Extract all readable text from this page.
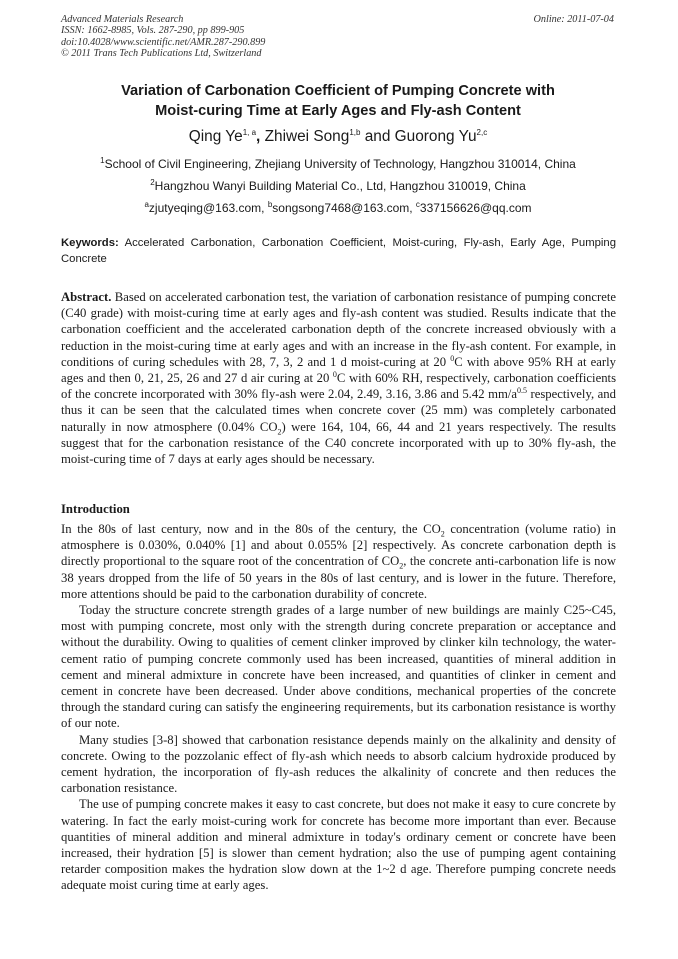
Advanced Materials Research
ISSN: 1662-8985, Vols. 287-290, pp 899-905
doi:10.4028/www.scientific.net/AMR.287-290.899
© 2011 Trans Tech Publications Ltd, Switzerland
Online: 2011-07-04
Variation of Carbonation Coefficient of Pumping Concrete with
Moist-curing Time at Early Ages and Fly-ash Content
Qing Ye$^{1, a}$, Zhiwei Song$^{1,b}$ and Guorong Yu$^{2,c}$
$^1$School of Civil Engineering, Zhejiang University of Technology, Hangzhou 310014, China
$^2$Hangzhou Wanyi Building Material Co., Ltd, Hangzhou 310019, China
$^a$zjutyeqing@163.com, $^b$songsong7468@163.com, $^c$337156626@qq.com
Keywords: Accelerated Carbonation, Carbonation Coefficient, Moist-curing, Fly-ash, Early Age, Pumping Concrete
Abstract. Based on accelerated carbonation test, the variation of carbonation resistance of pumping concrete (C40 grade) with moist-curing time at early ages and fly-ash content was studied. Results indicate that the carbonation coefficient and the accelerated carbonation depth of the concrete increased obviously with a reduction in the moist-curing time at early ages and with an increase in the fly-ash content. For example, in conditions of curing schedules with 28, 7, 3, 2 and 1 d moist-curing at 20 $^0$C with above 95% RH at early ages and then 0, 21, 25, 26 and 27 d air curing at 20 $^0$C with 60% RH, respectively, carbonation coefficients of the concrete incorporated with 30% fly-ash were 2.04, 2.49, 3.16, 3.86 and 5.42 $mm/a^{0.5}$ respectively, and thus it can be seen that the calculated times when concrete cover (25 mm) was completely carbonated naturally in now atmosphere (0.04% $CO_2$) were 164, 104, 66, 44 and 21 years respectively. The results suggest that for the carbonation resistance of the C40 concrete incorporated with up to 30% fly-ash, the moist-curing time of 7 days at early ages should be necessary.
Introduction

In the 80s of last century, now and in the 80s of the century, the $CO_2$ concentration (volume ratio) in atmosphere is 0.030%, 0.040% [1] and about 0.055% [2] respectively. As concrete carbonation depth is directly proportional to the square root of the concentration of $CO_2$, the concrete anti-carbonation life is now 38 years dropped from the life of 50 years in the 80s of last century, and is lower in the future. Therefore, more attentions should be paid to the carbonation durability of concrete.

Today the structure concrete strength grades of a large number of new buildings are mainly C25~C45, most with pumping concrete, most only with the strength during concrete preparation or acceptance and without the durability. Owing to qualities of cement clinker improved by clinker kiln technology, the water-cement ratio of pumping concrete commonly used has been increased, quantities of mineral addition in cement and mineral admixture in concrete have been increased, and quantities of clinker in cement and cement in concrete have been decreased. Under above conditions, mechanical properties of the concrete through the standard curing can satisfy the engineering requirements, but its carbonation resistance is worthy of our note.

Many studies [3-8] showed that carbonation resistance depends mainly on the alkalinity and density of concrete. Owing to the pozzolanic effect of fly-ash which needs to absorb calcium hydroxide produced by cement hydration, the incorporation of fly-ash reduces the alkalinity of concrete and then reduces the carbonation resistance.

The use of pumping concrete makes it easy to cast concrete, but does not make it easy to cure concrete by watering. In fact the early moist-curing work for concrete has become more important than ever. Because quantities of mineral addition and mineral admixture in today's ordinary cement or concrete have been increased, their hydration [5] is slower than cement hydration; also the use of pumping agent containing retarder composition makes the hydration slow down at the 1~2 d age. Therefore pumping concrete needs adequate moist curing time at early ages.
